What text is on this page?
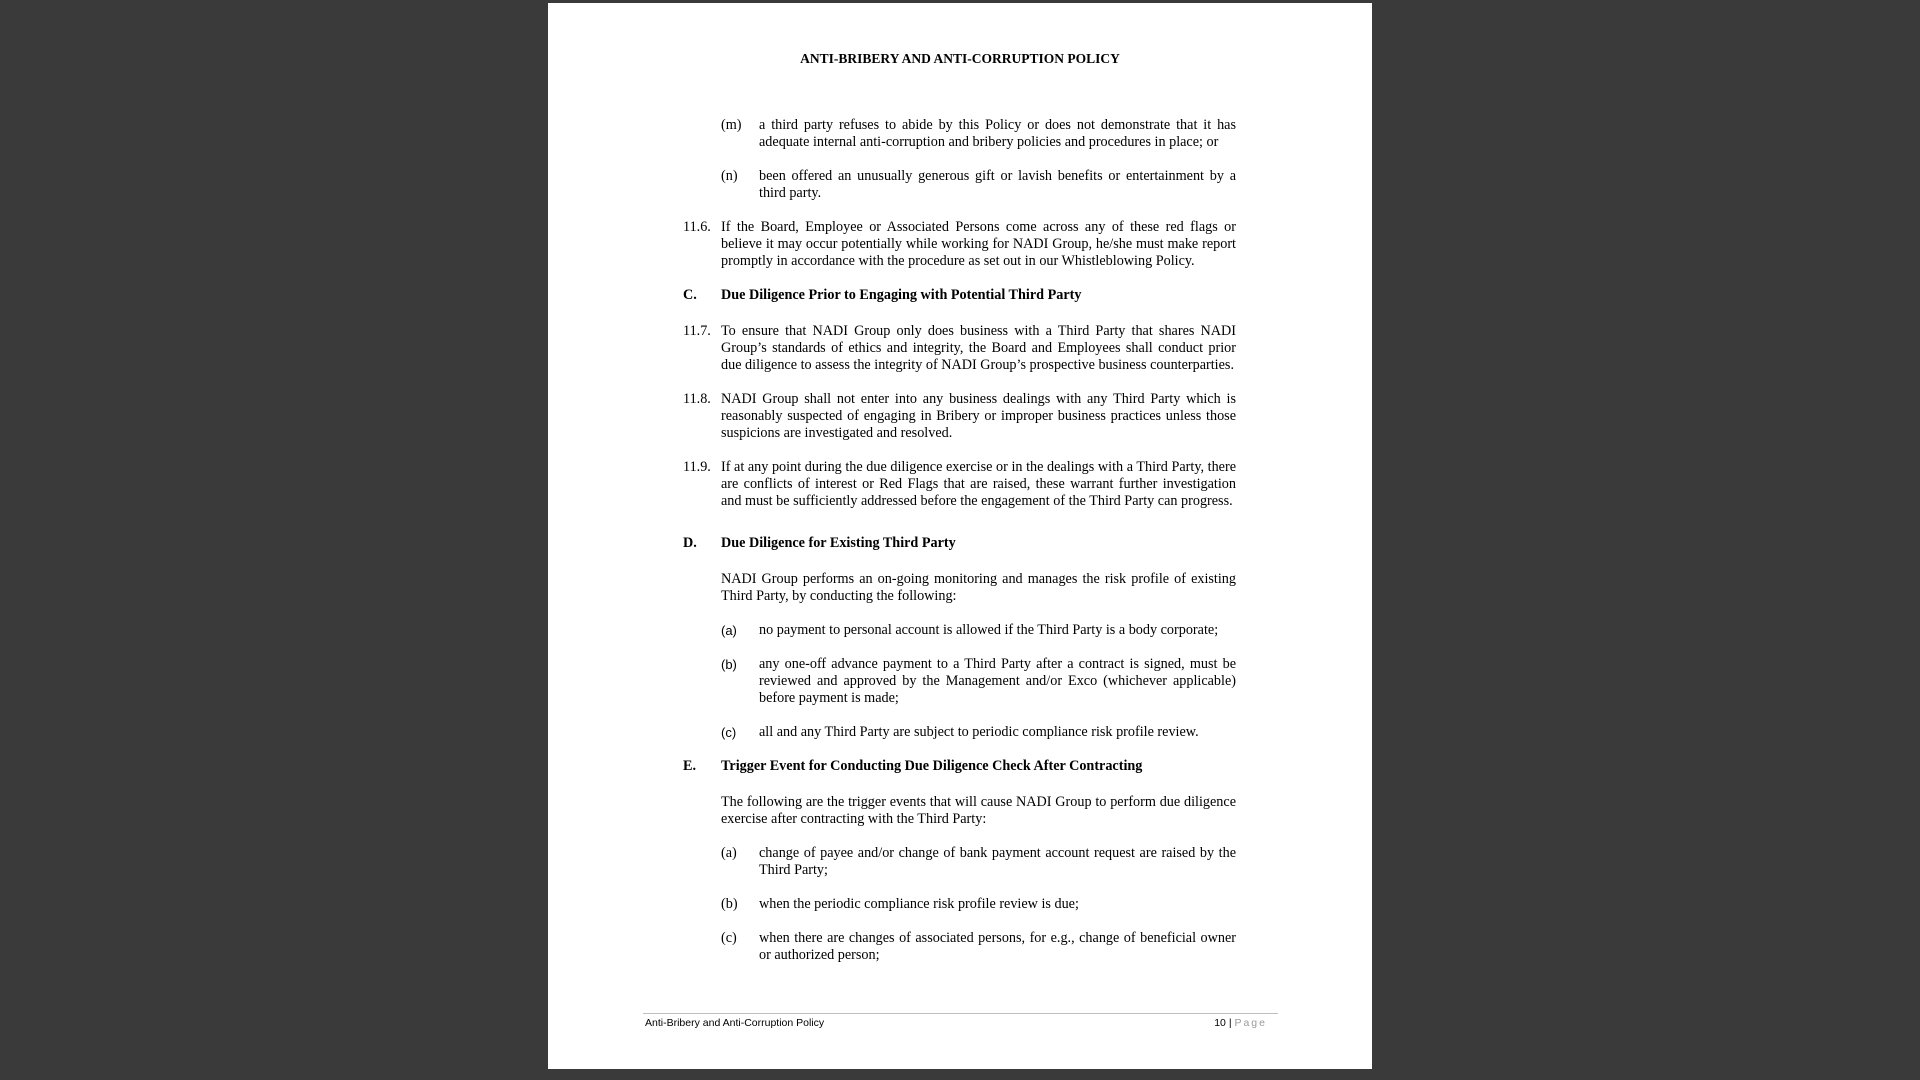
ANTI-BRIBERY AND ANTI-CORRUPTION POLICY
(m)	a third party refuses to abide by this Policy or does not demonstrate that it has adequate internal anti-corruption and bribery policies and procedures in place; or
(n)	been offered an unusually generous gift or lavish benefits or entertainment by a third party.
11.6. If the Board, Employee or Associated Persons come across any of these red flags or believe it may occur potentially while working for NADI Group, he/she must make report promptly in accordance with the procedure as set out in our Whistleblowing Policy.
C.	Due Diligence Prior to Engaging with Potential Third Party
11.7. To ensure that NADI Group only does business with a Third Party that shares NADI Group’s standards of ethics and integrity, the Board and Employees shall conduct prior due diligence to assess the integrity of NADI Group’s prospective business counterparties.
11.8. NADI Group shall not enter into any business dealings with any Third Party which is reasonably suspected of engaging in Bribery or improper business practices unless those suspicions are investigated and resolved.
11.9. If at any point during the due diligence exercise or in the dealings with a Third Party, there are conflicts of interest or Red Flags that are raised, these warrant further investigation and must be sufficiently addressed before the engagement of the Third Party can progress.
D.	Due Diligence for Existing Third Party
NADI Group performs an on-going monitoring and manages the risk profile of existing Third Party, by conducting the following:
(a)	no payment to personal account is allowed if the Third Party is a body corporate;
(b)	any one-off advance payment to a Third Party after a contract is signed, must be reviewed and approved by the Management and/or Exco (whichever applicable) before payment is made;
(c)	all and any Third Party are subject to periodic compliance risk profile review.
E.	Trigger Event for Conducting Due Diligence Check After Contracting
The following are the trigger events that will cause NADI Group to perform due diligence exercise after contracting with the Third Party:
(a)	change of payee and/or change of bank payment account request are raised by the Third Party;
(b)	when the periodic compliance risk profile review is due;
(c)	when there are changes of associated persons, for e.g., change of beneficial owner or authorized person;
Anti-Bribery and Anti-Corruption Policy	10 | Page
